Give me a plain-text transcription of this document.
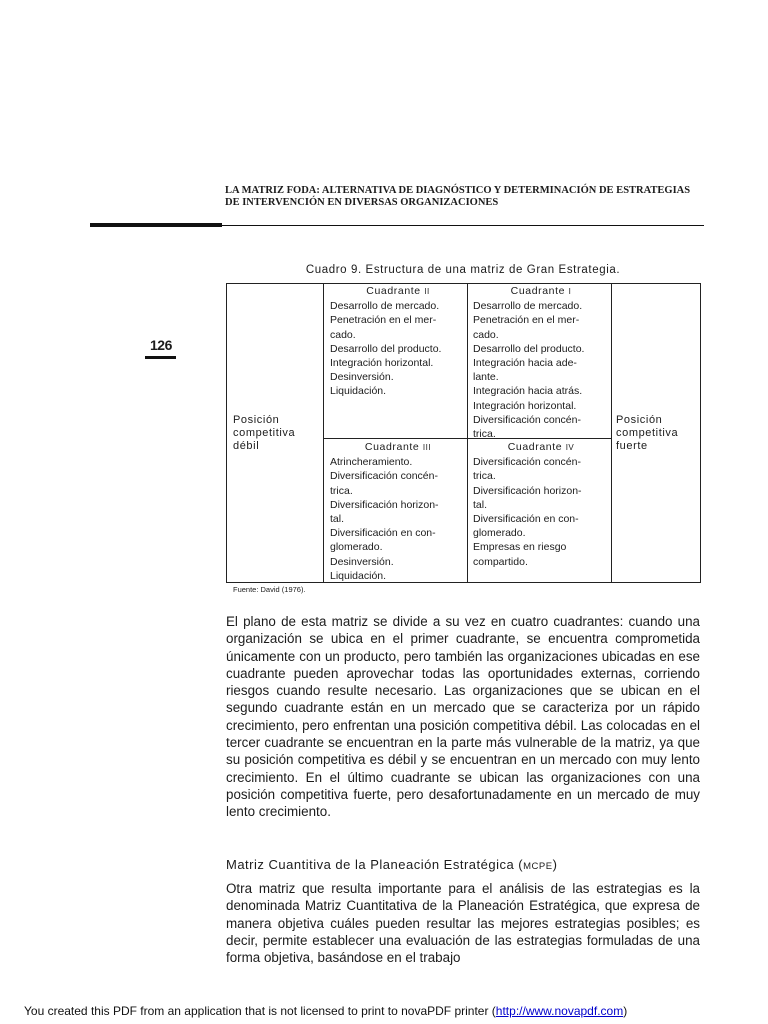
LA MATRIZ FODA: ALTERNATIVA DE DIAGNÓSTICO Y DETERMINACIÓN DE ESTRATEGIAS
DE INTERVENCIÓN EN DIVERSAS ORGANIZACIONES

126

Cuadro 9. Estructura de una matriz de Gran Estrategia.

Posición
competitiva
débil
Posición
competitiva
fuerte
Cuadrante II
Desarrollo de mercado.
Penetración en el mer-
cado.
Desarrollo del producto.
Integración horizontal.
Desinversión.
Liquidación.
Cuadrante I
Desarrollo de mercado.
Penetración en el mer-
cado.
Desarrollo del producto.
Integración hacia ade-
lante.
Integración hacia atrás.
Integración horizontal.
Diversificación concén-
trica.
Cuadrante III
Atrincheramiento.
Diversificación concén-
trica.
Diversificación horizon-
tal.
Diversificación en con-
glomerado.
Desinversión.
Liquidación.
Cuadrante IV
Diversificación concén-
trica.
Diversificación horizon-
tal.
Diversificación en con-
glomerado.
Empresas en riesgo
compartido.

Fuente: David (1976).

El plano de esta matriz se divide a su vez en cuatro cuadrantes: cuando una organización se ubica en el primer cuadrante, se encuentra comprometida únicamente con un producto, pero también las organizaciones ubicadas en ese cuadrante pueden aprovechar todas las oportunidades externas, corriendo riesgos cuando resulte necesario. Las organizaciones que se ubican en el segundo cuadrante están en un mercado que se caracteriza por un rápido crecimiento, pero enfrentan una posición competitiva débil. Las colocadas en el tercer cuadrante se encuentran en la parte más vulnerable de la matriz, ya que su posición competitiva es débil y se encuentran en un mercado con muy lento crecimiento. En el último cuadrante se ubican las organizaciones con una posición competitiva fuerte, pero desafortunadamente en un mercado de muy lento crecimiento.

Matriz Cuantitiva de la Planeación Estratégica (MCPE)

Otra matriz que resulta importante para el análisis de las estrategias es la denominada Matriz Cuantitativa de la Planeación Estratégica, que expresa de manera objetiva cuáles pueden resultar las mejores estrategias posibles; es decir, permite establecer una evaluación de las estrategias formuladas de una forma objetiva, basándose en el trabajo

You created this PDF from an application that is not licensed to print to novaPDF printer (http://www.novapdf.com)
